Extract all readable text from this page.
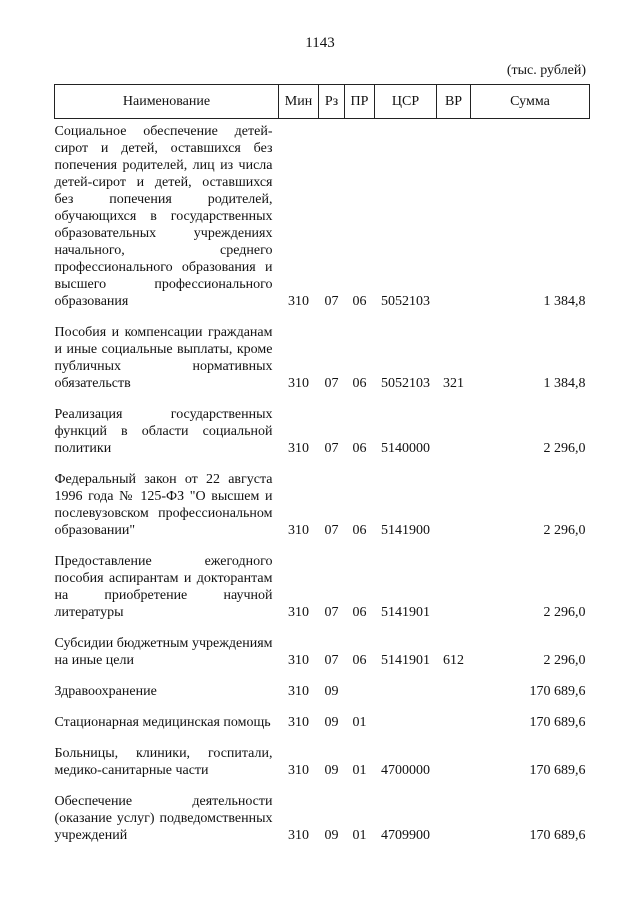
1143
(тыс. рублей)
Наименование	Мин	Рз	ПР	ЦСР	ВР	Сумма
Социальное обеспечение детей-сирот и детей, оставшихся без попечения родителей, лиц из числа детей-сирот и детей, оставшихся без попечения родителей, обучающихся в государственных образовательных учреждениях начального, среднего профессионального образования и высшего профессионального образования	310	07	06	5052103		1 384,8

Пособия и компенсации гражданам и иные социальные выплаты, кроме публичных нормативных обязательств	310	07	06	5052103	321	1 384,8

Реализация государственных функций в области социальной политики	310	07	06	5140000		2 296,0

Федеральный закон от 22 августа 1996 года № 125-ФЗ "О высшем и послевузовском профессиональном образовании"	310	07	06	5141900		2 296,0

Предоставление ежегодного пособия аспирантам и докторантам на приобретение научной литературы	310	07	06	5141901		2 296,0

Субсидии бюджетным учреждениям на иные цели	310	07	06	5141901	612	2 296,0

Здравоохранение	310	09				170 689,6

Стационарная медицинская помощь	310	09	01			170 689,6

Больницы, клиники, госпитали, медико-санитарные части	310	09	01	4700000		170 689,6

Обеспечение деятельности (оказание услуг) подведомственных учреждений	310	09	01	4709900		170 689,6
